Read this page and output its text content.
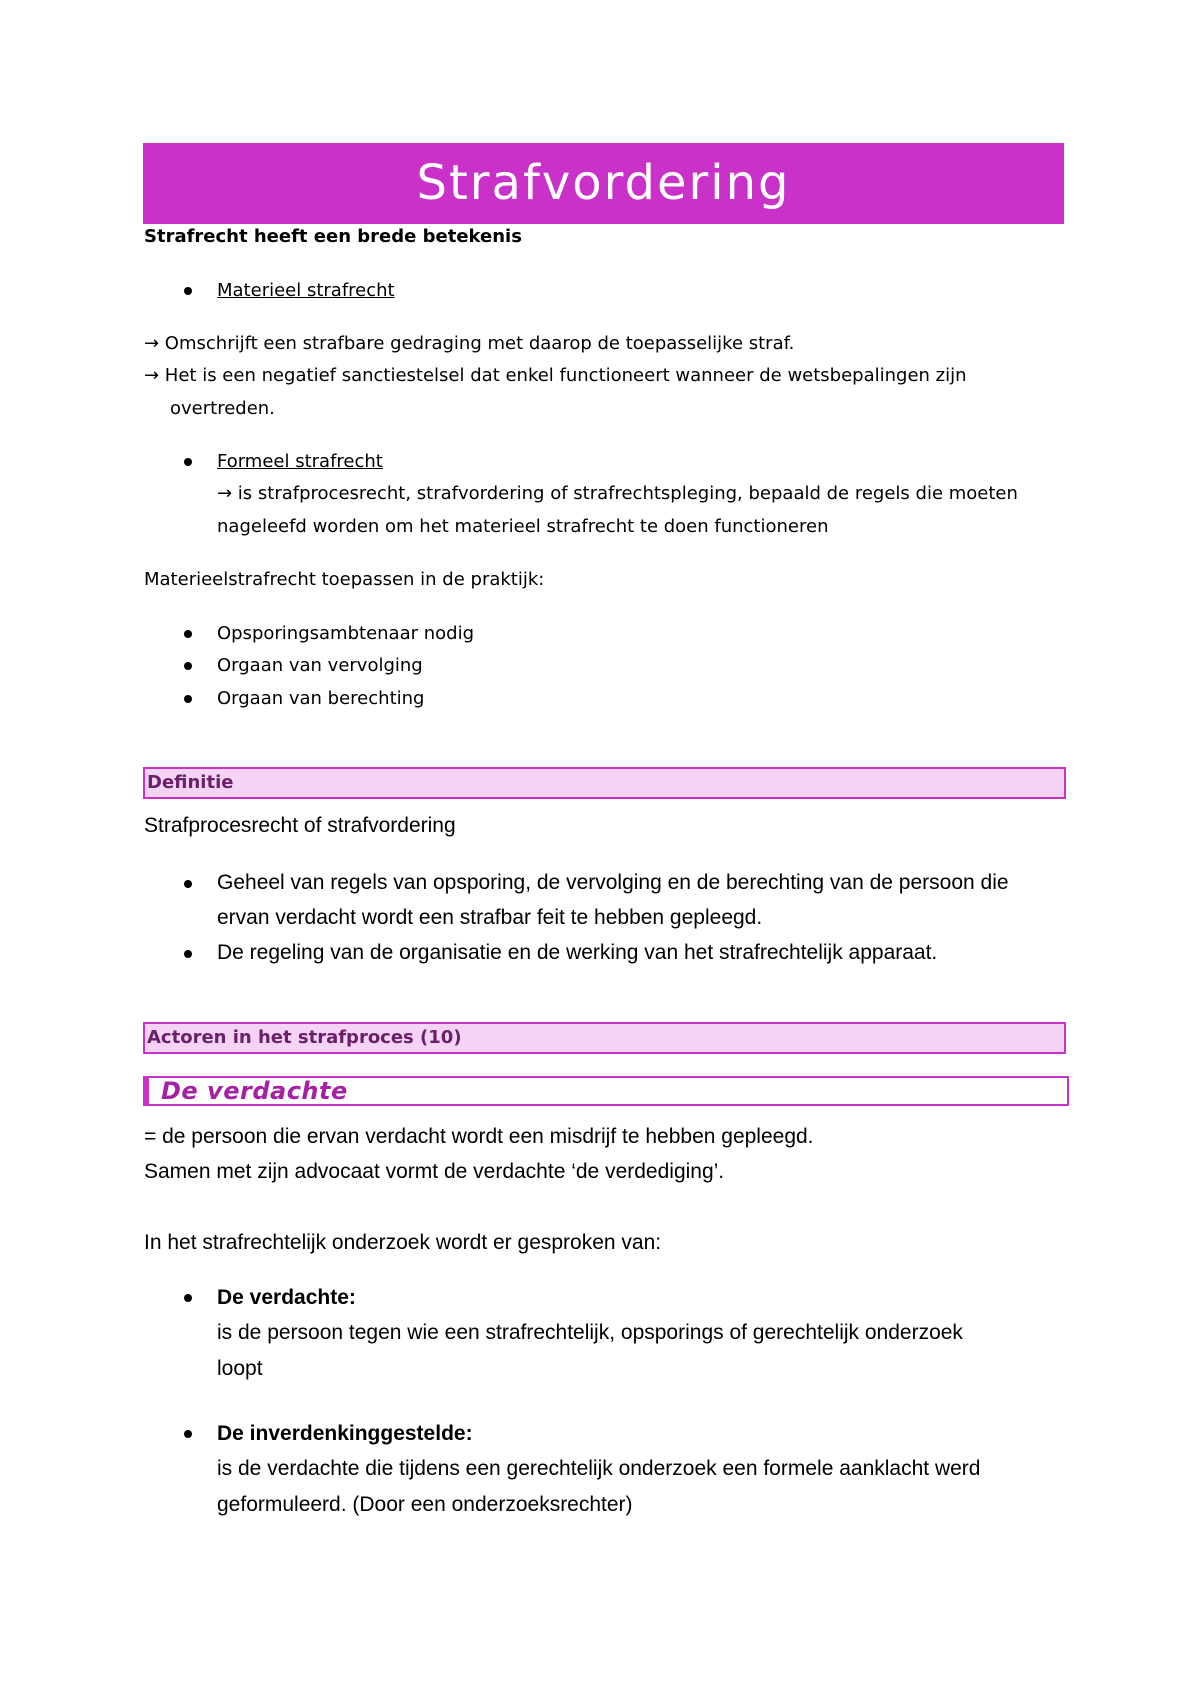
Strafvordering
Strafrecht heeft een brede betekenis
Materieel strafrecht
→ Omschrijft een strafbare gedraging met daarop de toepasselijke straf.
→ Het is een negatief sanctiestelsel dat enkel functioneert wanneer de wetsbepalingen zijn
overtreden.
Formeel strafrecht
→ is strafprocesrecht, strafvordering of strafrechtspleging, bepaald de regels die moeten
nageleefd worden om het materieel strafrecht te doen functioneren
Materieelstrafrecht toepassen in de praktijk:
Opsporingsambtenaar nodig
Orgaan van vervolging
Orgaan van berechting
Definitie
Strafprocesrecht of strafvordering
Geheel van regels van opsporing, de vervolging en de berechting van de persoon die
ervan verdacht wordt een strafbar feit te hebben gepleegd.
De regeling van de organisatie en de werking van het strafrechtelijk apparaat.
Actoren in het strafproces (10)
De verdachte
= de persoon die ervan verdacht wordt een misdrijf te hebben gepleegd.
Samen met zijn advocaat vormt de verdachte ‘de verdediging’.
In het strafrechtelijk onderzoek wordt er gesproken van:
De verdachte:
is de persoon tegen wie een strafrechtelijk, opsporings of gerechtelijk onderzoek
loopt
De inverdenkinggestelde:
is de verdachte die tijdens een gerechtelijk onderzoek een formele aanklacht werd
geformuleerd. (Door een onderzoeksrechter)
